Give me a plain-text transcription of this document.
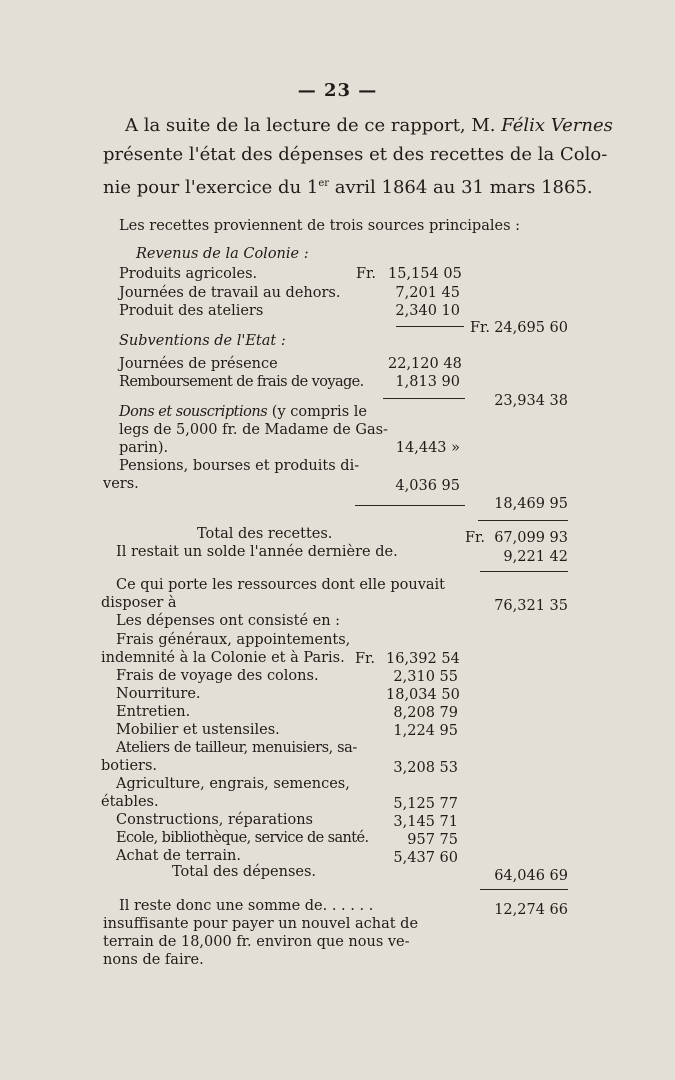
— 23 —
A la suite de la lecture de ce rapport, M. Félix Vernes
présente l'état des dépenses et des recettes de la Colo-
nie pour l'exercice du 1er avril 1864 au 31 mars 1865.
Les recettes proviennent de trois sources principales :
Revenus de la Colonie :
Produits agricoles.	Fr. 15,154 05
Journées de travail au dehors.	7,201 45
Produit des ateliers	2,340 10
Fr. 24,695 60
Subventions de l'Etat :
Journées de présence	22,120 48
Remboursement de frais de voyage.	1,813 90
23,934 38
Dons et souscriptions (y compris le
legs de 5,000 fr. de Madame de Gas-
parin).	14,443 »
Pensions, bourses et produits di-
vers.	4,036 95
18,469 95
Total des recettes.	Fr. 67,099 93
Il restait un solde l'année dernière de.	9,221 42
Ce qui porte les ressources dont elle pouvait
disposer à	76,321 35
Les dépenses ont consisté en :
Frais généraux, appointements,
indemnité à la Colonie et à Paris. Fr. 16,392 54
Frais de voyage des colons.	2,310 55
Nourriture.	18,034 50
Entretien.	8,208 79
Mobilier et ustensiles.	1,224 95
Ateliers de tailleur, menuisiers, sa-
botiers.	3,208 53
Agriculture, engrais, semences,
étables.	5,125 77
Constructions, réparations	3,145 71
Ecole, bibliothèque, service de santé.	957 75
Achat de terrain.	5,437 60
Total des dépenses.	64,046 69
Il reste donc une somme de. . . . . .	12,274 66
insuffisante pour payer un nouvel achat de
terrain de 18,000 fr. environ que nous ve-
nons de faire.
